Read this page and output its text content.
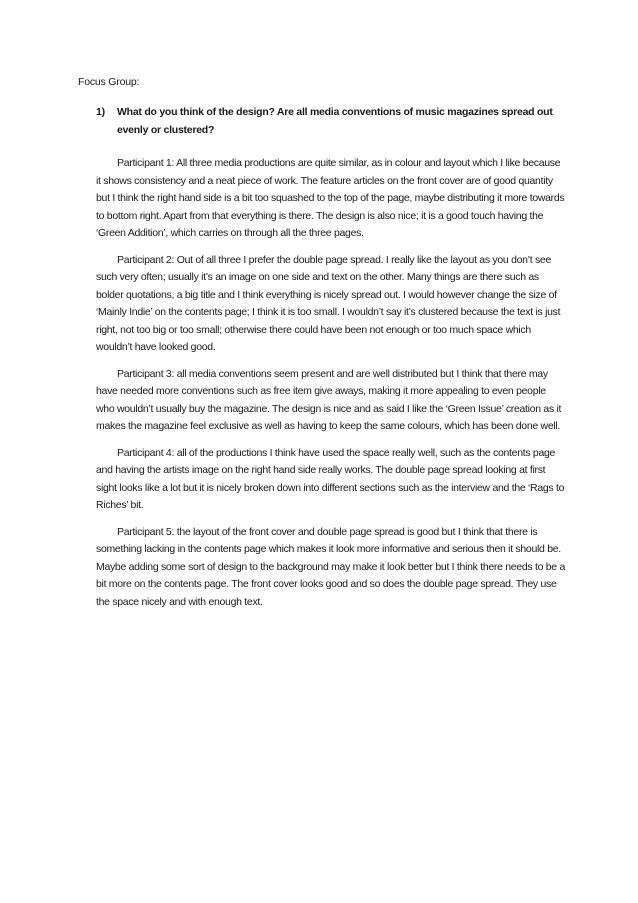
Focus Group:

1)	What do you think of the design? Are all media conventions of music magazines spread out evenly or clustered?

Participant 1: All three media productions are quite similar, as in colour and layout which I like because it shows consistency and a neat piece of work. The feature articles on the front cover are of good quantity but I think the right hand side is a bit too squashed to the top of the page, maybe distributing it more towards to bottom right. Apart from that everything is there. The design is also nice; it is a good touch having the ‘Green Addition’, which carries on through all the three pages.

Participant 2: Out of all three I prefer the double page spread. I really like the layout as you don’t see such very often; usually it’s an image on one side and text on the other. Many things are there such as bolder quotations, a big title and I think everything is nicely spread out. I would however change the size of ‘Mainly Indie’ on the contents page; I think it is too small. I wouldn’t say it’s clustered because the text is just right, not too big or too small; otherwise there could have been not enough or too much space which wouldn’t have looked good.

Participant 3: all media conventions seem present and are well distributed but I think that there may have needed more conventions such as free item give aways, making it more appealing to even people who wouldn’t usually buy the magazine. The design is nice and as said I like the ‘Green Issue’ creation as it makes the magazine feel exclusive as well as having to keep the same colours, which has been done well.

Participant 4: all of the productions I think have used the space really well, such as the contents page and having the artists image on the right hand side really works. The double page spread looking at first sight looks like a lot but it is nicely broken down into different sections such as the interview and the ‘Rags to Riches’ bit.

Participant 5: the layout of the front cover and double page spread is good but I think that there is something lacking in the contents page which makes it look more informative and serious then it should be. Maybe adding some sort of design to the background may make it look better but I think there needs to be a bit more on the contents page. The front cover looks good and so does the double page spread. They use the space nicely and with enough text.
